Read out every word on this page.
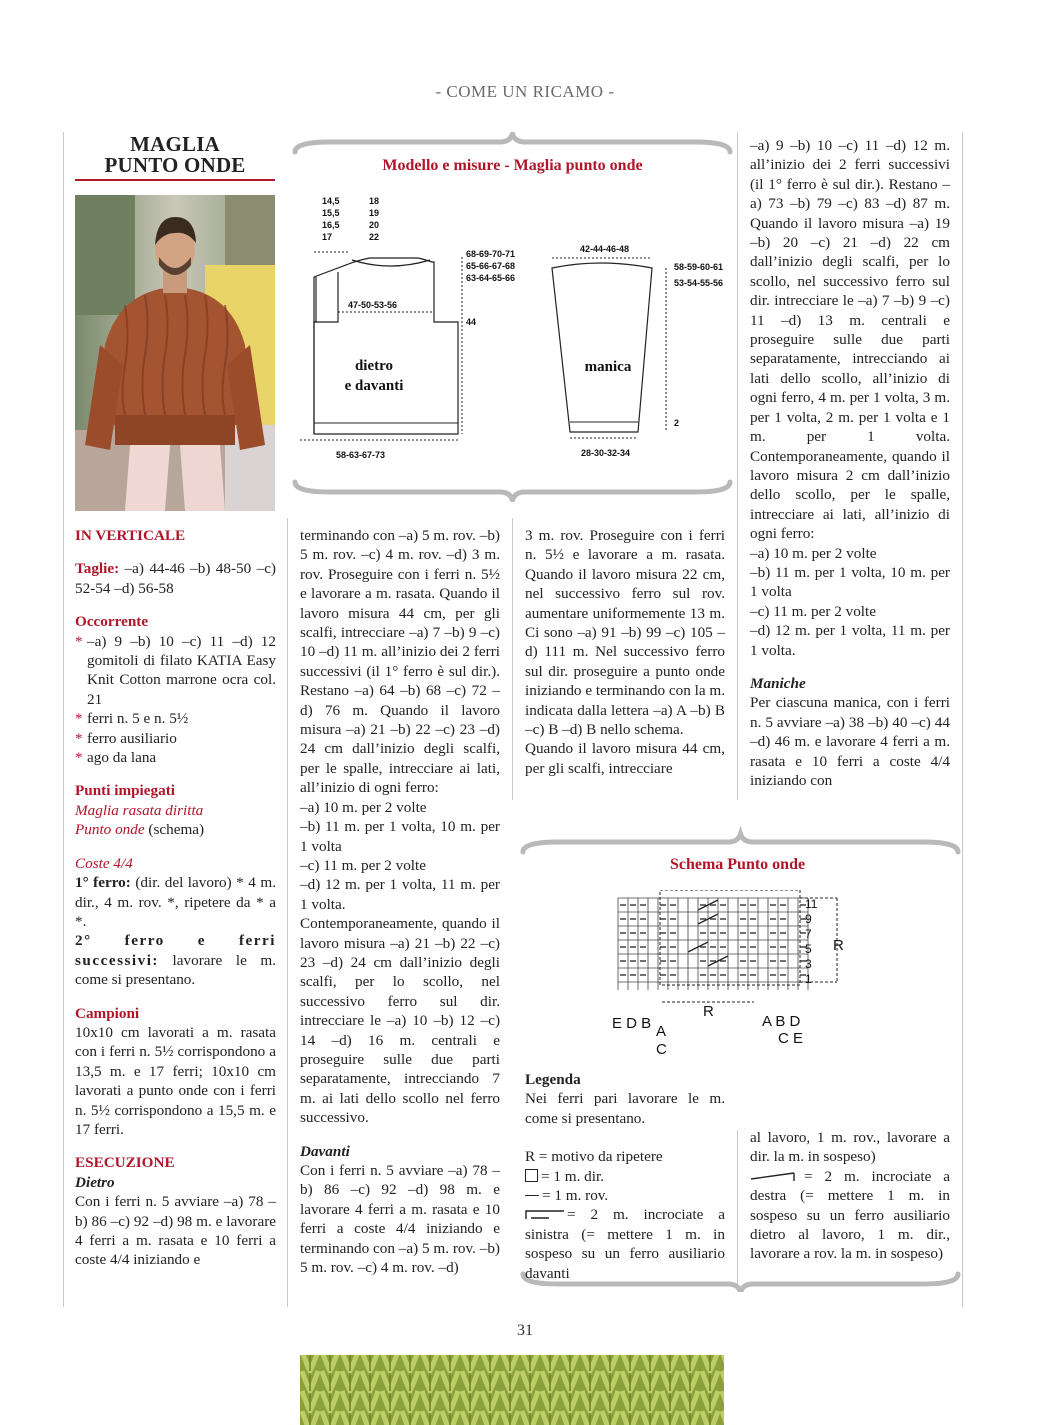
- COME UN RICAMO -
MAGLIA
PUNTO ONDE
14,5
15,5
16,5
17
18
19
20
22
68-69-70-71
65-66-67-68
63-64-65-66
47-50-53-56
44
58-63-67-73
dietro
e davanti
42-44-46-48
58-59-60-61
53-54-55-56
2
28-30-32-34
manica
Modello e misure - Maglia punto onde

IN VERTICALE

Taglie: –a) 44-46 –b) 48-50 –c) 52-54 –d) 56-58

Occorrente

* –a) 9 –b) 10 –c) 11 –d) 12 gomitoli di filato KATIA Easy Knit Cotton marrone ocra col. 21
* ferri n. 5 e n. 5½
* ferro ausiliario
* ago da lana

Punti impiegati

Maglia rasata diritta

Punto onde (schema)

Coste 4/4

1° ferro: (dir. del lavoro) * 4 m. dir., 4 m. rov. *, ripetere da * a *.

2° ferro e ferri successivi: lavorare le m. come si presentano.

Campioni

10x10 cm lavorati a m. rasata con i ferri n. 5½ corrispondono a 13,5 m. e 17 ferri; 10x10 cm lavorati a punto onde con i ferri n. 5½ corrispondono a 15,5 m. e 17 ferri.

ESECUZIONE

Dietro

Con i ferri n. 5 avviare –a) 78 –b) 86 –c) 92 –d) 98 m. e lavorare 4 ferri a m. rasata e 10 ferri a coste 4/4 iniziando e

terminando con –a) 5 m. rov. –b) 5 m. rov. –c) 4 m. rov. –d) 3 m. rov. Proseguire con i ferri n. 5½ e lavorare a m. rasata. Quando il lavoro misura 44 cm, per gli scalfi, intrecciare –a) 7 –b) 9 –c) 10 –d) 11 m. all’inizio dei 2 ferri successivi (il 1° ferro è sul dir.). Restano –a) 64 –b) 68 –c) 72 –d) 76 m. Quando il lavoro misura –a) 21 –b) 22 –c) 23 –d) 24 cm dall’inizio degli scalfi, per le spalle, intrecciare ai lati, all’inizio di ogni ferro:

–a) 10 m. per 2 volte

–b) 11 m. per 1 volta, 10 m. per 1 volta

–c) 11 m. per 2 volte

–d) 12 m. per 1 volta, 11 m. per 1 volta.

Contemporaneamente, quando il lavoro misura –a) 21 –b) 22 –c) 23 –d) 24 cm dall’inizio degli scalfi, per lo scollo, nel successivo ferro sul dir. intrecciare le –a) 10 –b) 12 –c) 14 –d) 16 m. centrali e proseguire sulle due parti separatamente, intrecciando 7 m. ai lati dello scollo nel ferro successivo.

Davanti

Con i ferri n. 5 avviare –a) 78 –b) 86 –c) 92 –d) 98 m. e lavorare 4 ferri a m. rasata e 10 ferri a coste 4/4 iniziando e terminando con –a) 5 m. rov. –b) 5 m. rov. –c) 4 m. rov. –d)

3 m. rov. Proseguire con i ferri n. 5½ e lavorare a m. rasata. Quando il lavoro misura 22 cm, nel successivo ferro sul rov. aumentare uniformemente 13 m. Ci sono –a) 91 –b) 99 –c) 105 –d) 111 m. Nel successivo ferro sul dir. proseguire a punto onde iniziando e terminando con la m. indicata dalla lettera –a) A –b) B –c) B –d) B nello schema.

Quando il lavoro misura 44 cm, per gli scalfi, intrecciare

–a) 9 –b) 10 –c) 11 –d) 12 m. all’inizio dei 2 ferri successivi (il 1° ferro è sul dir.). Restano –a) 73 –b) 79 –c) 83 –d) 87 m. Quando il lavoro misura –a) 19 –b) 20 –c) 21 –d) 22 cm dall’inizio degli scalfi, per lo scollo, nel successivo ferro sul dir. intrecciare le –a) 7 –b) 9 –c) 11 –d) 13 m. centrali e proseguire sulle due parti separatamente, intrecciando ai lati dello scollo, all’inizio di ogni ferro, 4 m. per 1 volta, 3 m. per 1 volta, 2 m. per 1 volta e 1 m. per 1 volta. Contemporaneamente, quando il lavoro misura 2 cm dall’inizio dello scollo, per le spalle, intrecciare ai lati, all’inizio di ogni ferro:

–a) 10 m. per 2 volte

–b) 11 m. per 1 volta, 10 m. per 1 volta

–c) 11 m. per 2 volte

–d) 12 m. per 1 volta, 11 m. per 1 volta.

Maniche

Per ciascuna manica, con i ferri n. 5 avviare –a) 38 –b) 40 –c) 44 –d) 46 m. e lavorare 4 ferri a m. rasata e 10 ferri a coste 4/4 iniziando con

Schema Punto onde
11
9
7
5
3
1
R
R
E D B A
C
A B D
C E

Legenda

Nei ferri pari lavorare le m. come si presentano.

R = motivo da ripetere

= 1 m. dir.

= 1 m. rov.

= 2 m. incrociate a sinistra (= mettere 1 m. in sospeso su un ferro ausiliario davanti

al lavoro, 1 m. rov., lavorare a dir. la m. in sospeso)

= 2 m. incrociate a destra (= mettere 1 m. in sospeso su un ferro ausiliario dietro al lavoro, 1 m. dir., lavorare a rov. la m. in sospeso)

31
